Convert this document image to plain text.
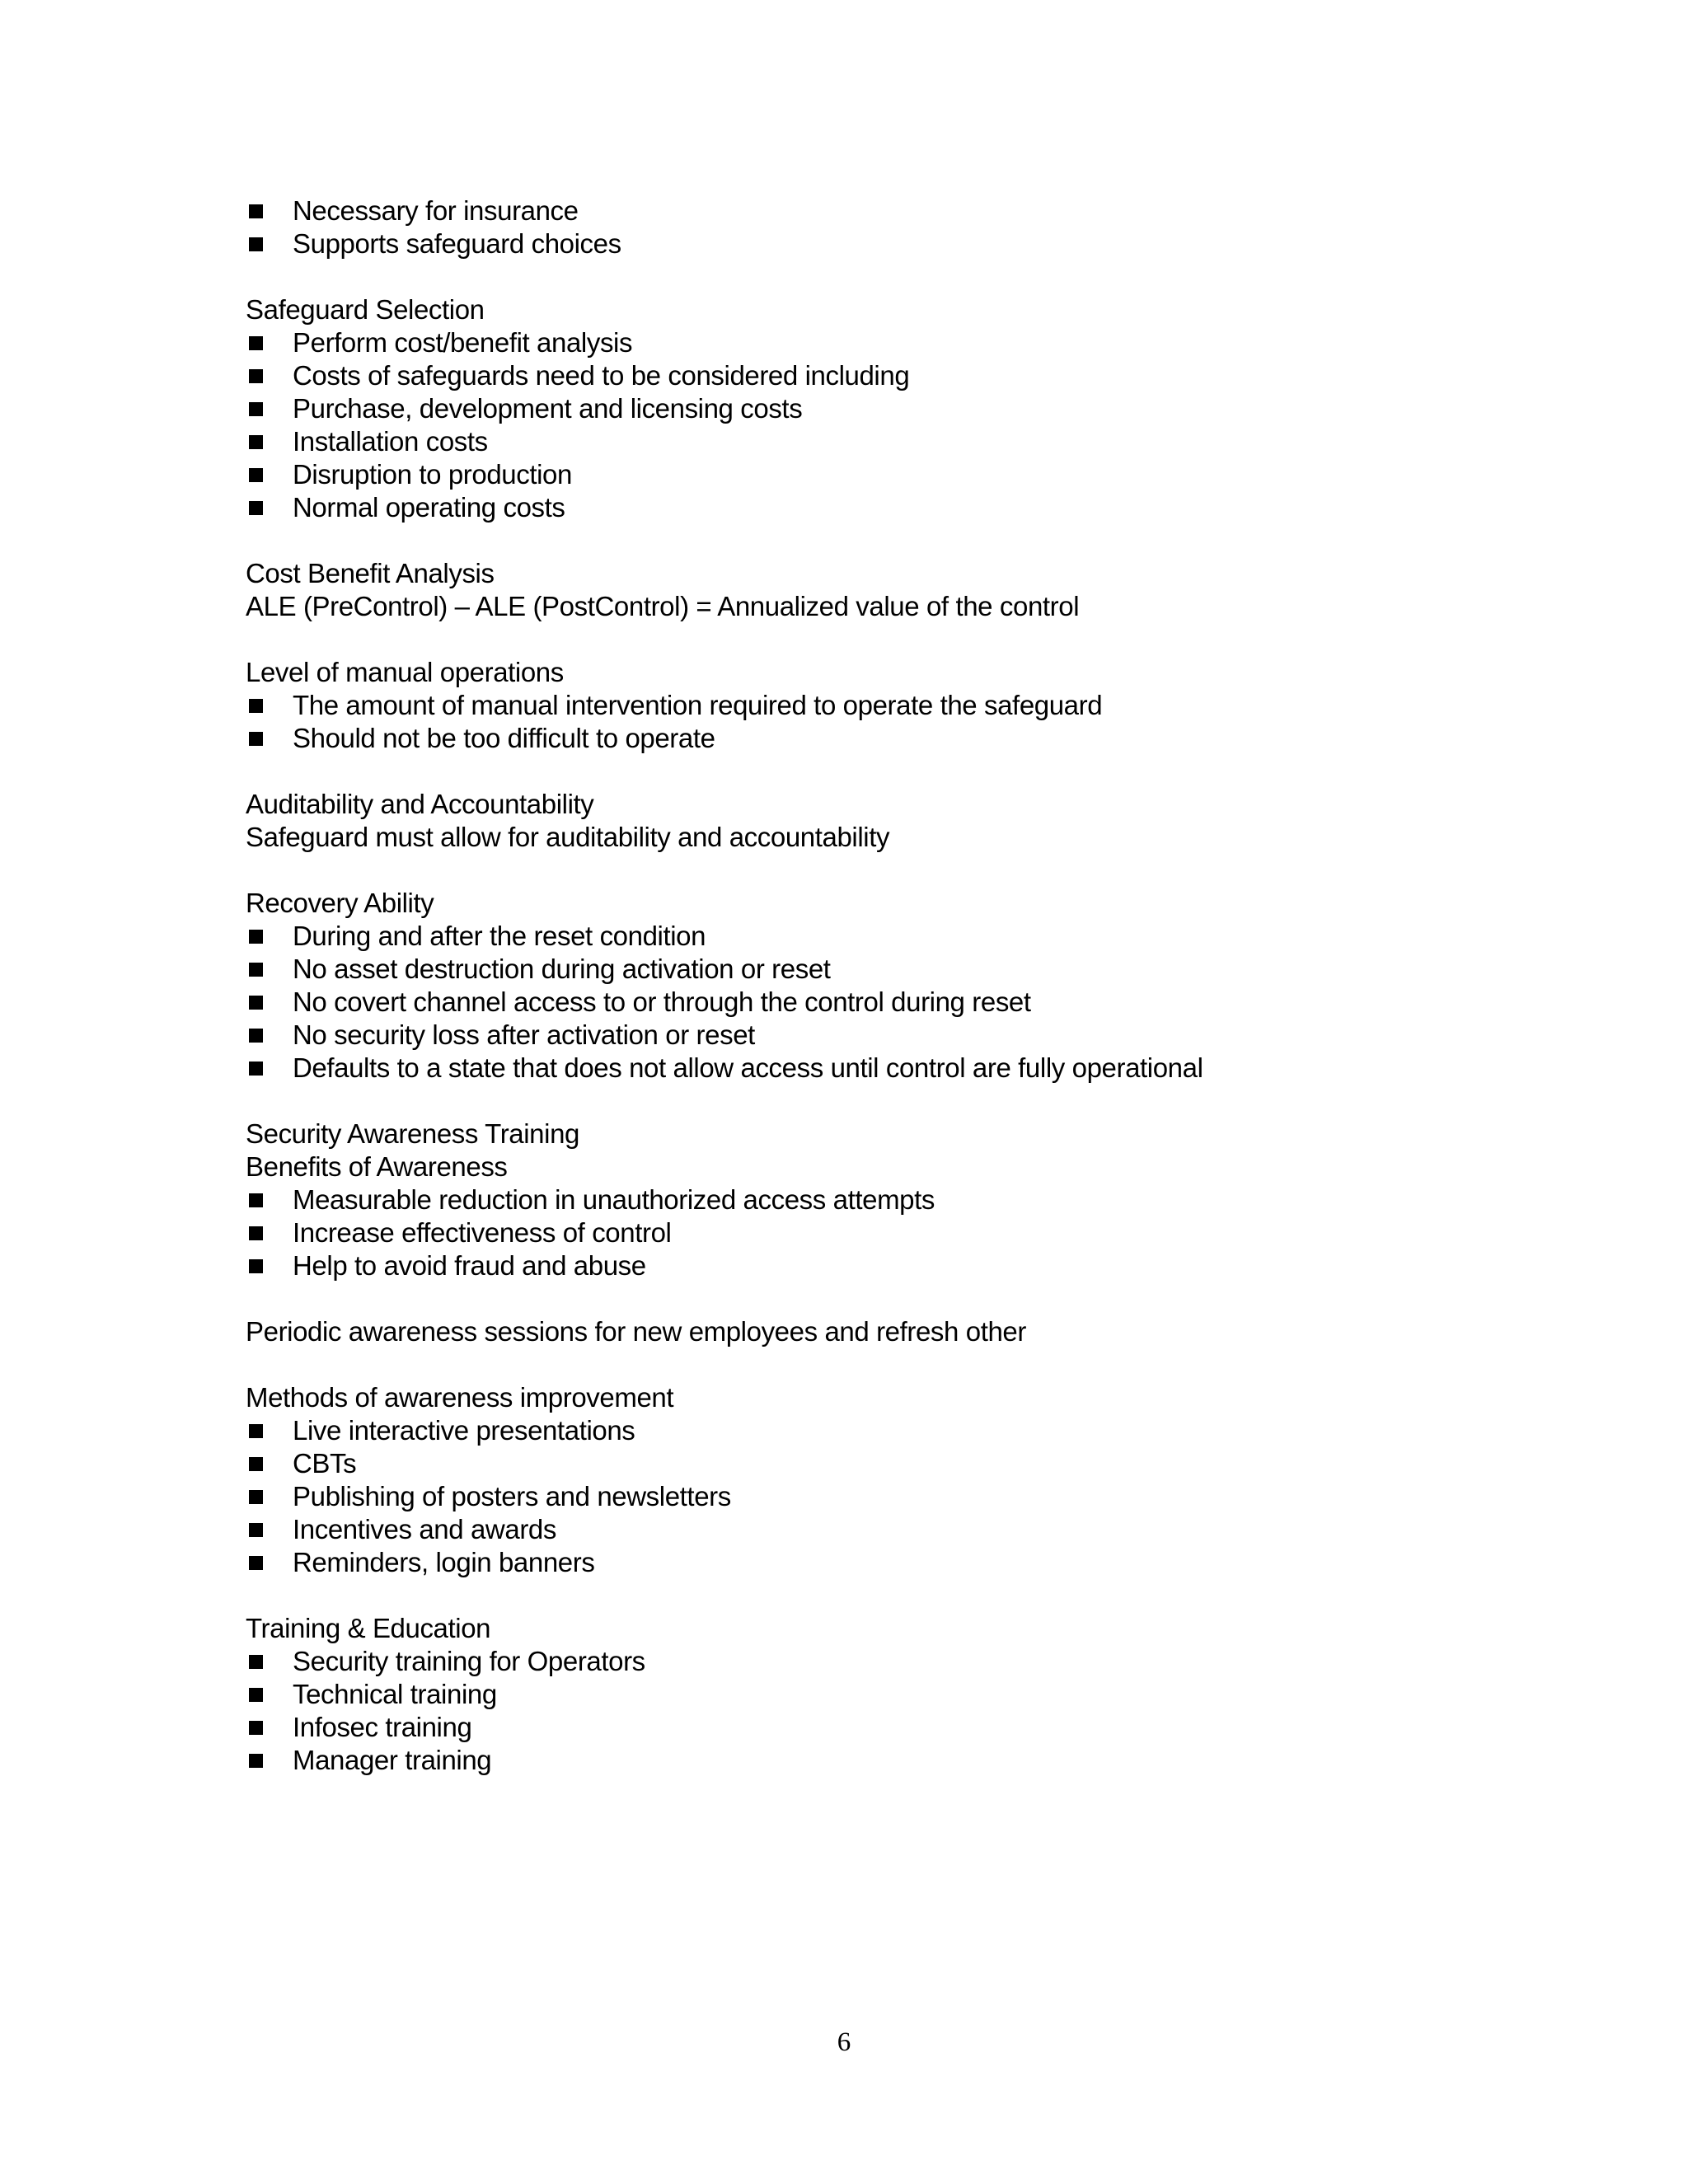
Necessary for insurance
Supports safeguard choices
Safeguard Selection
Perform cost/benefit analysis
Costs of safeguards need to be considered including
Purchase, development and licensing costs
Installation costs
Disruption to production
Normal operating costs
Cost Benefit Analysis
ALE (PreControl) – ALE (PostControl) = Annualized value of the control
Level of manual operations
The amount of manual intervention required to operate the safeguard
Should not be too difficult to operate
Auditability and Accountability
Safeguard must allow for auditability and accountability
Recovery Ability
During and after the reset condition
No asset destruction during activation or reset
No covert channel access to or through the control during reset
No security loss after activation or reset
Defaults to a state that does not allow access until control are fully operational
Security Awareness Training
Benefits of Awareness
Measurable reduction in unauthorized access attempts
Increase effectiveness of control
Help to avoid fraud and abuse
Periodic awareness sessions for new employees and refresh other
Methods of awareness improvement
Live interactive presentations
CBTs
Publishing of posters and newsletters
Incentives and awards
Reminders, login banners
Training & Education
Security training for Operators
Technical training
Infosec training
Manager training
6
